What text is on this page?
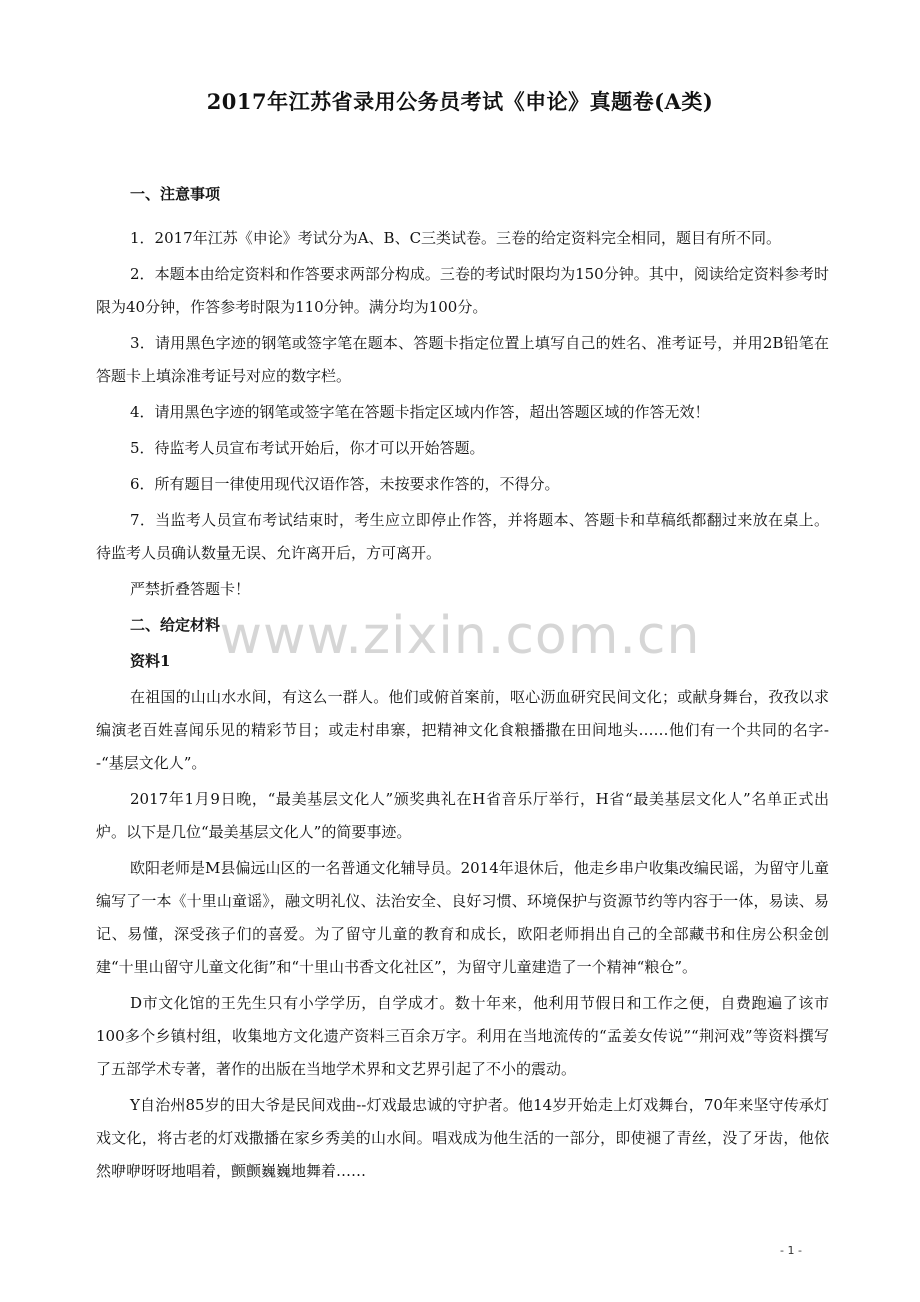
2017年江苏省录用公务员考试《申论》真题卷(A类)
www.zixin.com.cn
一、注意事项

1．2017年江苏《申论》考试分为A、B、C三类试卷。三卷的给定资料完全相同，题目有所不同。

2．本题本由给定资料和作答要求两部分构成。三卷的考试时限均为150分钟。其中，阅读给定资料参考时限为40分钟，作答参考时限为110分钟。满分均为100分。

3．请用黑色字迹的钢笔或签字笔在题本、答题卡指定位置上填写自己的姓名、准考证号，并用2B铅笔在答题卡上填涂准考证号对应的数字栏。

4．请用黑色字迹的钢笔或签字笔在答题卡指定区域内作答，超出答题区域的作答无效！

5．待监考人员宣布考试开始后，你才可以开始答题。

6．所有题目一律使用现代汉语作答，未按要求作答的，不得分。

7．当监考人员宣布考试结束时，考生应立即停止作答，并将题本、答题卡和草稿纸都翻过来放在桌上。待监考人员确认数量无误、允许离开后，方可离开。

严禁折叠答题卡！

二、给定材料

资料1

在祖国的山山水水间，有这么一群人。他们或俯首案前，呕心沥血研究民间文化；或献身舞台，孜孜以求编演老百姓喜闻乐见的精彩节目；或走村串寨，把精神文化食粮播撒在田间地头……他们有一个共同的名字--“基层文化人”。

2017年1月9日晚，“最美基层文化人”颁奖典礼在H省音乐厅举行，H省“最美基层文化人”名单正式出炉。以下是几位“最美基层文化人”的简要事迹。

欧阳老师是M县偏远山区的一名普通文化辅导员。2014年退休后，他走乡串户收集改编民谣，为留守儿童编写了一本《十里山童谣》，融文明礼仪、法治安全、良好习惯、环境保护与资源节约等内容于一体，易读、易记、易懂，深受孩子们的喜爱。为了留守儿童的教育和成长，欧阳老师捐出自己的全部藏书和住房公积金创建“十里山留守儿童文化街”和“十里山书香文化社区”，为留守儿童建造了一个精神“粮仓”。

D市文化馆的王先生只有小学学历，自学成才。数十年来，他利用节假日和工作之便，自费跑遍了该市100多个乡镇村组，收集地方文化遗产资料三百余万字。利用在当地流传的“孟姜女传说”“荆河戏”等资料撰写了五部学术专著，著作的出版在当地学术界和文艺界引起了不小的震动。

Y自治州85岁的田大爷是民间戏曲--灯戏最忠诚的守护者。他14岁开始走上灯戏舞台，70年来坚守传承灯戏文化，将古老的灯戏撒播在家乡秀美的山水间。唱戏成为他生活的一部分，即使褪了青丝，没了牙齿，他依然咿咿呀呀地唱着，颤颤巍巍地舞着……

- 1 -
